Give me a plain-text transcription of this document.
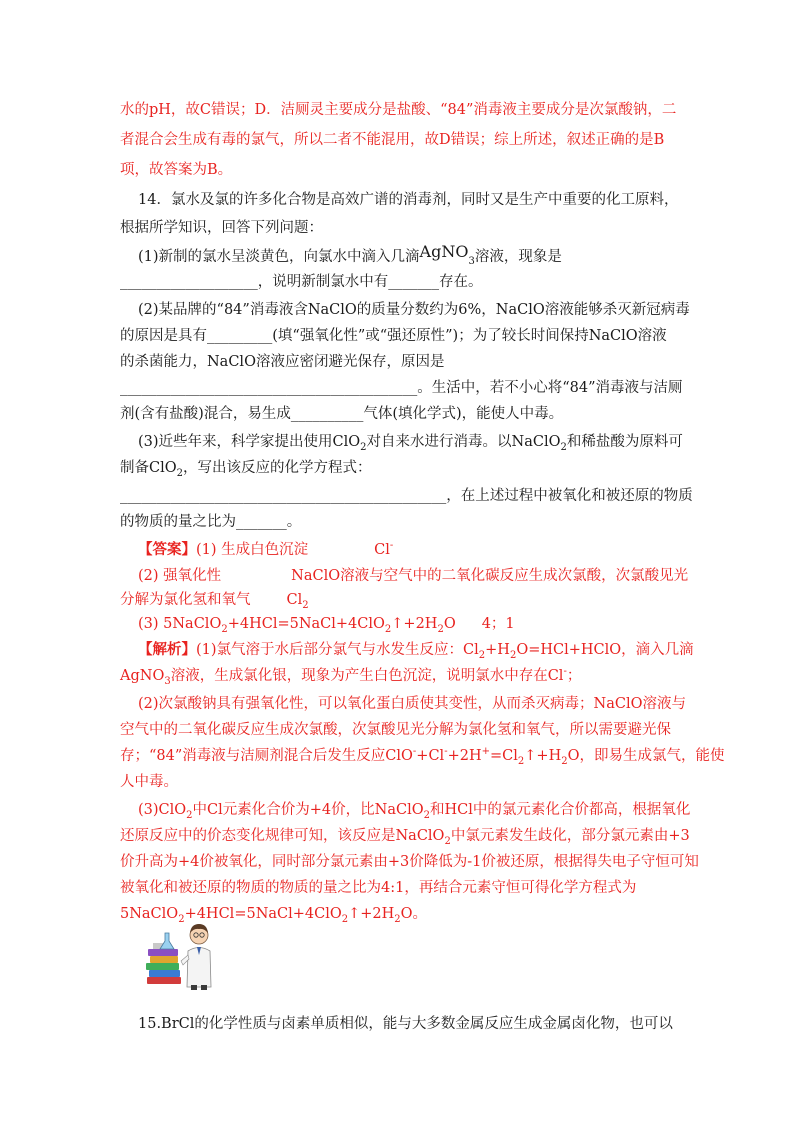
水的pH，故C错误；D．洁厕灵主要成分是盐酸、“84”消毒液主要成分是次氯酸钠，二
者混合会生成有毒的氯气，所以二者不能混用，故D错误；综上所述，叙述正确的是B
项，故答案为B。
14．氯水及氯的许多化合物是高效广谱的消毒剂，同时又是生产中重要的化工原料，
根据所学知识，回答下列问题：
(1)新制的氯水呈淡黄色，向氯水中滴入几滴AgNO$_3$溶液，现象是
___________________，说明新制氯水中有_______存在。
(2)某品牌的“84”消毒液含NaClO的质量分数约为6%，NaClO溶液能够杀灭新冠病毒
的原因是具有_________(填“强氧化性”或“强还原性”)；为了较长时间保持NaClO溶液
的杀菌能力，NaClO溶液应密闭避光保存，原因是
_________________________________________。生活中，若不小心将“84”消毒液与洁厕
剂(含有盐酸)混合，易生成__________气体(填化学式)，能使人中毒。
(3)近些年来，科学家提出使用ClO$_2$对自来水进行消毒。以NaClO$_2$和稀盐酸为原料可
制备ClO$_2$，写出该反应的化学方程式：
_____________________________________________，在上述过程中被氧化和被还原的物质
的物质的量之比为_______。
【答案】(1) 生成白色沉淀	Cl-
(2) 强氧化性	NaClO溶液与空气中的二氧化碳反应生成次氯酸，次氯酸见光
分解为氯化氢和氧气 $Cl_2$
(3) $5NaClO_2+4HCl=5NaCl+4ClO_2↑+2H_2O$ 4；1
【解析】(1)氯气溶于水后部分氯气与水发生反应：$Cl_2+H_2O=HCl+HClO$，滴入几滴
AgNO$_3$溶液，生成氯化银，现象为产生白色沉淀，说明氯水中存在Cl-；
(2)次氯酸钠具有强氧化性，可以氧化蛋白质使其变性，从而杀灭病毒；NaClO溶液与
空气中的二氧化碳反应生成次氯酸，次氯酸见光分解为氯化氢和氧气，所以需要避光保
存；“84”消毒液与洁厕剂混合后发生反应$ClO^-+Cl^-+2H^+=Cl_2↑+H_2O$，即易生成氯气，能使
人中毒。
(3)ClO$_2$中Cl元素化合价为+4价，比NaClO$_2$和HCl中的氯元素化合价都高，根据氧化
还原反应中的价态变化规律可知，该反应是NaClO$_2$中氯元素发生歧化，部分氯元素由+3
价升高为+4价被氧化，同时部分氯元素由+3价降低为-1价被还原，根据得失电子守恒可知
被氧化和被还原的物质的物质的量之比为4:1，再结合元素守恒可得化学方程式为
$5NaClO_2+4HCl=5NaCl+4ClO_2↑+2H_2O$。
15.BrCl的化学性质与卤素单质相似，能与大多数金属反应生成金属卤化物，也可以
